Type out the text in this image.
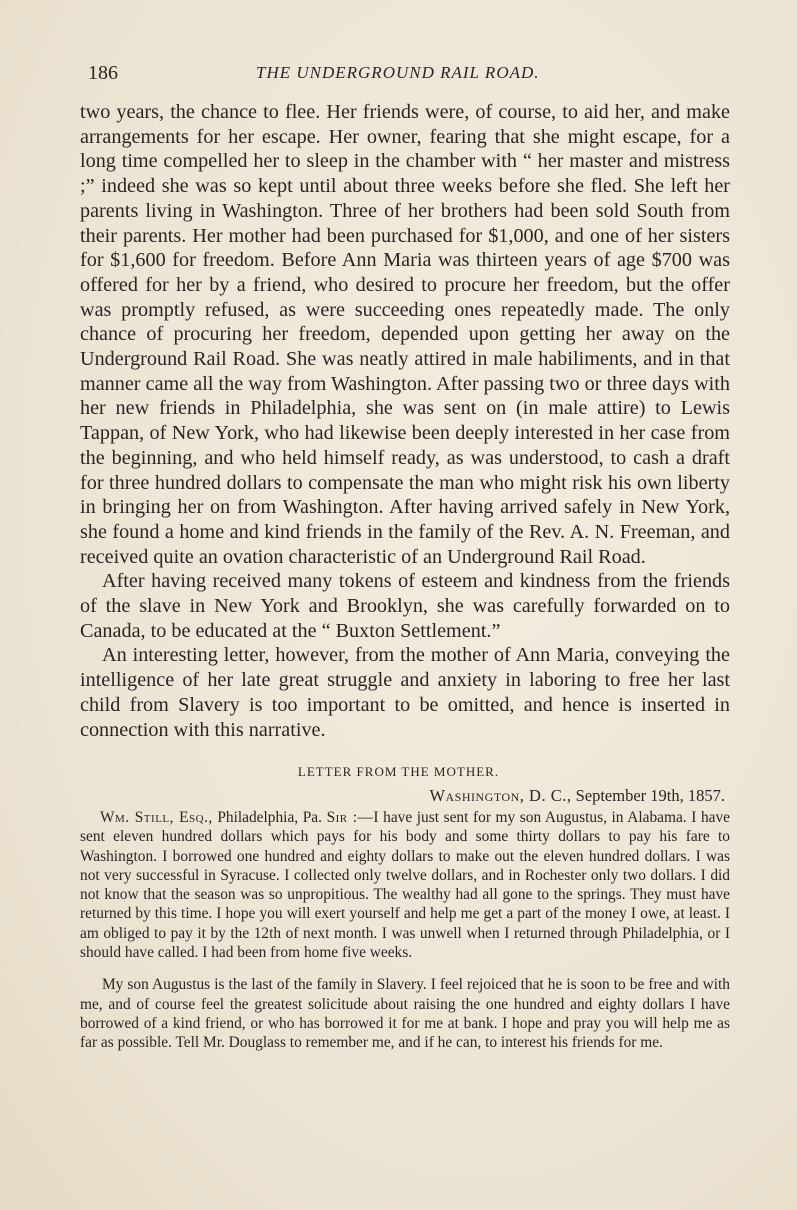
186	THE UNDERGROUND RAIL ROAD.

two years, the chance to flee. Her friends were, of course, to aid her, and make arrangements for her escape. Her owner, fearing that she might escape, for a long time compelled her to sleep in the chamber with “ her master and mistress ;” indeed she was so kept until about three weeks before she fled. She left her parents living in Washington. Three of her brothers had been sold South from their parents. Her mother had been purchased for $1,000, and one of her sisters for $1,600 for freedom. Before Ann Maria was thirteen years of age $700 was offered for her by a friend, who desired to procure her freedom, but the offer was promptly refused, as were succeeding ones repeatedly made. The only chance of procuring her freedom, depended upon getting her away on the Underground Rail Road. She was neatly attired in male habiliments, and in that manner came all the way from Washington. After passing two or three days with her new friends in Philadelphia, she was sent on (in male attire) to Lewis Tappan, of New York, who had likewise been deeply interested in her case from the beginning, and who held himself ready, as was understood, to cash a draft for three hundred dollars to compensate the man who might risk his own liberty in bringing her on from Washington. After having arrived safely in New York, she found a home and kind friends in the family of the Rev. A. N. Freeman, and received quite an ovation characteristic of an Underground Rail Road.

After having received many tokens of esteem and kindness from the friends of the slave in New York and Brooklyn, she was carefully forwarded on to Canada, to be educated at the “ Buxton Settlement.”

An interesting letter, however, from the mother of Ann Maria, conveying the intelligence of her late great struggle and anxiety in laboring to free her last child from Slavery is too important to be omitted, and hence is inserted in connection with this narrative.

LETTER FROM THE MOTHER.
Washington, D. C., September 19th, 1857.

Wm. Still, Esq., Philadelphia, Pa. Sir :—I have just sent for my son Augustus, in Alabama. I have sent eleven hundred dollars which pays for his body and some thirty dollars to pay his fare to Washington. I borrowed one hundred and eighty dollars to make out the eleven hundred dollars. I was not very successful in Syracuse. I collected only twelve dollars, and in Rochester only two dollars. I did not know that the season was so unpropitious. The wealthy had all gone to the springs. They must have returned by this time. I hope you will exert yourself and help me get a part of the money I owe, at least. I am obliged to pay it by the 12th of next month. I was unwell when I returned through Philadelphia, or I should have called. I had been from home five weeks.

My son Augustus is the last of the family in Slavery. I feel rejoiced that he is soon to be free and with me, and of course feel the greatest solicitude about raising the one hundred and eighty dollars I have borrowed of a kind friend, or who has borrowed it for me at bank. I hope and pray you will help me as far as possible. Tell Mr. Douglass to remember me, and if he can, to interest his friends for me.
